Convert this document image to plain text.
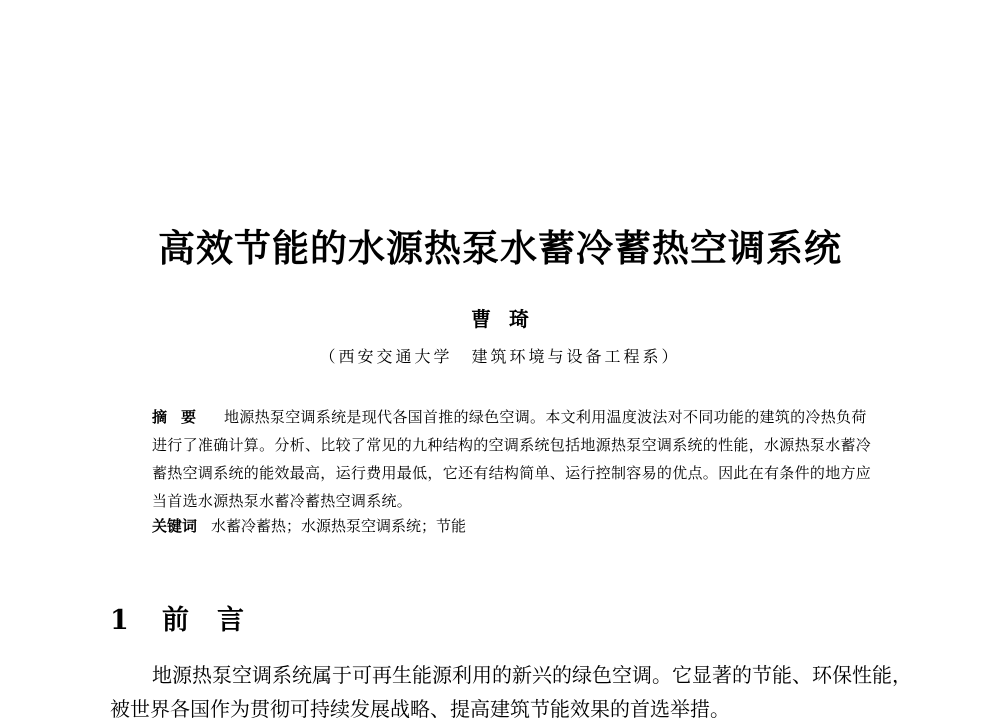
高效节能的水源热泵水蓄冷蓄热空调系统
曹琦
（西安交通大学　建筑环境与设备工程系）
摘要 地源热泵空调系统是现代各国首推的绿色空调。本文利用温度波法对不同功能的建筑的冷热负荷进行了准确计算。分析、比较了常见的九种结构的空调系统包括地源热泵空调系统的性能，水源热泵水蓄冷蓄热空调系统的能效最高，运行费用最低，它还有结构简单、运行控制容易的优点。因此在有条件的地方应当首选水源热泵水蓄冷蓄热空调系统。
关键词 水蓄冷蓄热；水源热泵空调系统；节能
1 前言
地源热泵空调系统属于可再生能源利用的新兴的绿色空调。它显著的节能、环保性能，被世界各国作为贯彻可持续发展战略、提高建筑节能效果的首选举措。
